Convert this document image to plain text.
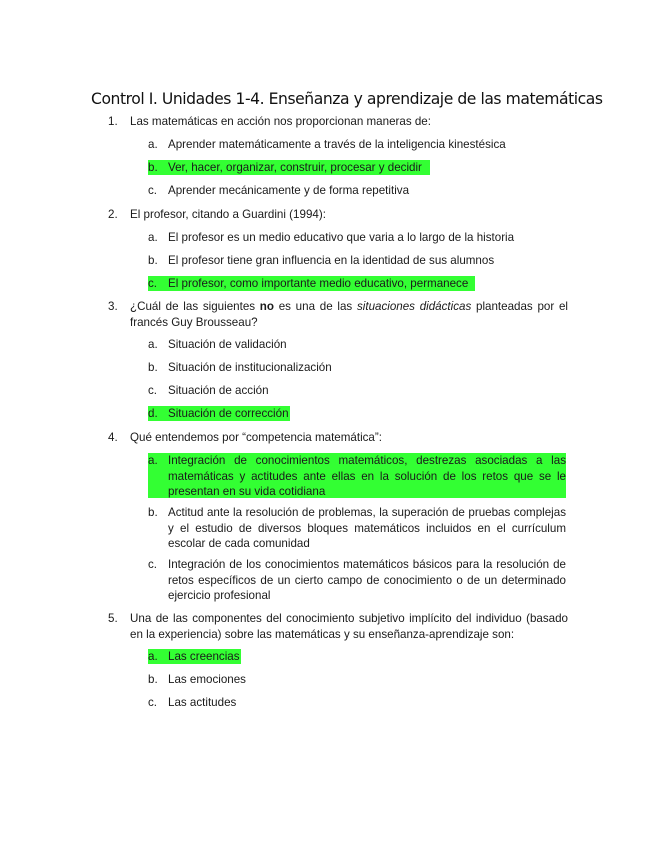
Control I. Unidades 1-4. Enseñanza y aprendizaje de las matemáticas
1. Las matemáticas en acción nos proporcionan maneras de:
a. Aprender matemáticamente a través de la inteligencia kinestésica
b. Ver, hacer, organizar, construir, procesar y decidir
c. Aprender mecánicamente y de forma repetitiva
2. El profesor, citando a Guardini (1994):
a. El profesor es un medio educativo que varia a lo largo de la historia
b. El profesor tiene gran influencia en la identidad de sus alumnos
c. El profesor, como importante medio educativo, permanece
3. ¿Cuál de las siguientes no es una de las situaciones didácticas planteadas por el francés Guy Brousseau?
a. Situación de validación
b. Situación de institucionalización
c. Situación de acción
d. Situación de corrección
4. Qué entendemos por “competencia matemática”:
a. Integración de conocimientos matemáticos, destrezas asociadas a las matemáticas y actitudes ante ellas en la solución de los retos que se le presentan en su vida cotidiana
b. Actitud ante la resolución de problemas, la superación de pruebas complejas y el estudio de diversos bloques matemáticos incluidos en el currículum escolar de cada comunidad
c. Integración de los conocimientos matemáticos básicos para la resolución de retos específicos de un cierto campo de conocimiento o de un determinado ejercicio profesional
5. Una de las componentes del conocimiento subjetivo implícito del individuo (basado en la experiencia) sobre las matemáticas y su enseñanza-aprendizaje son:
a. Las creencias
b. Las emociones
c. Las actitudes
